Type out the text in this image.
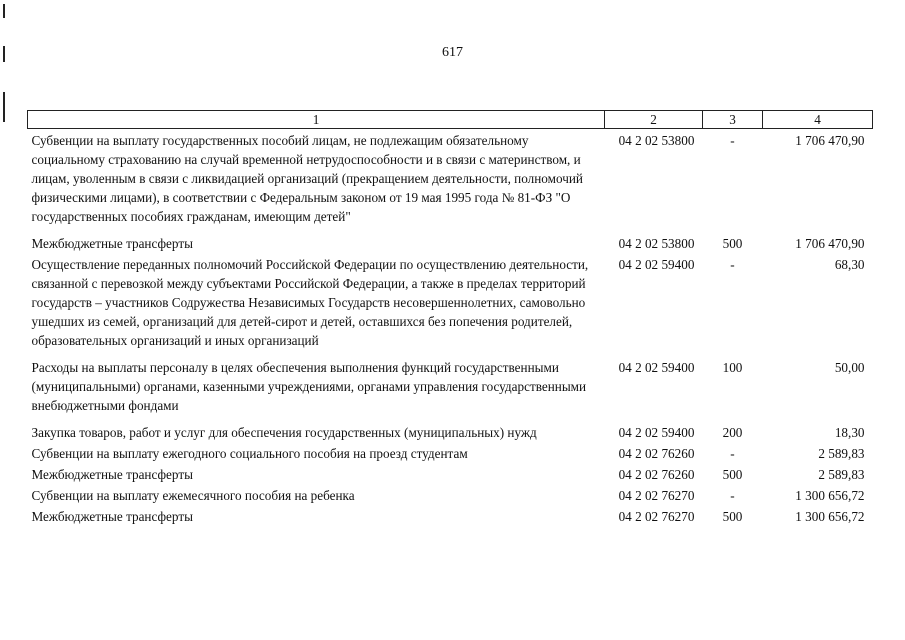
617
1	2	3	4
Субвенции на выплату государственных пособий лицам, не подлежащим обязательному социальному страхованию на случай временной нетрудоспособности и в связи с материнством, и лицам, уволенным в связи с ликвидацией организаций (прекращением деятельности, полномочий физическими лицами), в соответствии с Федеральным законом от 19 мая 1995 года № 81-ФЗ "О государственных пособиях гражданам, имеющим детей"	04 2 02 53800	-	1 706 470,90
Межбюджетные трансферты	04 2 02 53800	500	1 706 470,90
Осуществление переданных полномочий Российской Федерации по осуществлению деятельности, связанной с перевозкой между субъектами Российской Федерации, а также в пределах территорий государств – участников Содружества Независимых Государств несовершеннолетних, самовольно ушедших из семей, организаций для детей-сирот и детей, оставшихся без попечения родителей, образовательных организаций и иных организаций	04 2 02 59400	-	68,30
Расходы на выплаты персоналу в целях обеспечения выполнения функций государственными (муниципальными) органами, казенными учреждениями, органами управления государственными внебюджетными фондами	04 2 02 59400	100	50,00
Закупка товаров, работ и услуг для обеспечения государственных (муниципальных) нужд	04 2 02 59400	200	18,30
Субвенции на выплату ежегодного социального пособия на проезд студентам	04 2 02 76260	-	2 589,83
Межбюджетные трансферты	04 2 02 76260	500	2 589,83
Субвенции на выплату ежемесячного пособия на ребенка	04 2 02 76270	-	1 300 656,72
Межбюджетные трансферты	04 2 02 76270	500	1 300 656,72
